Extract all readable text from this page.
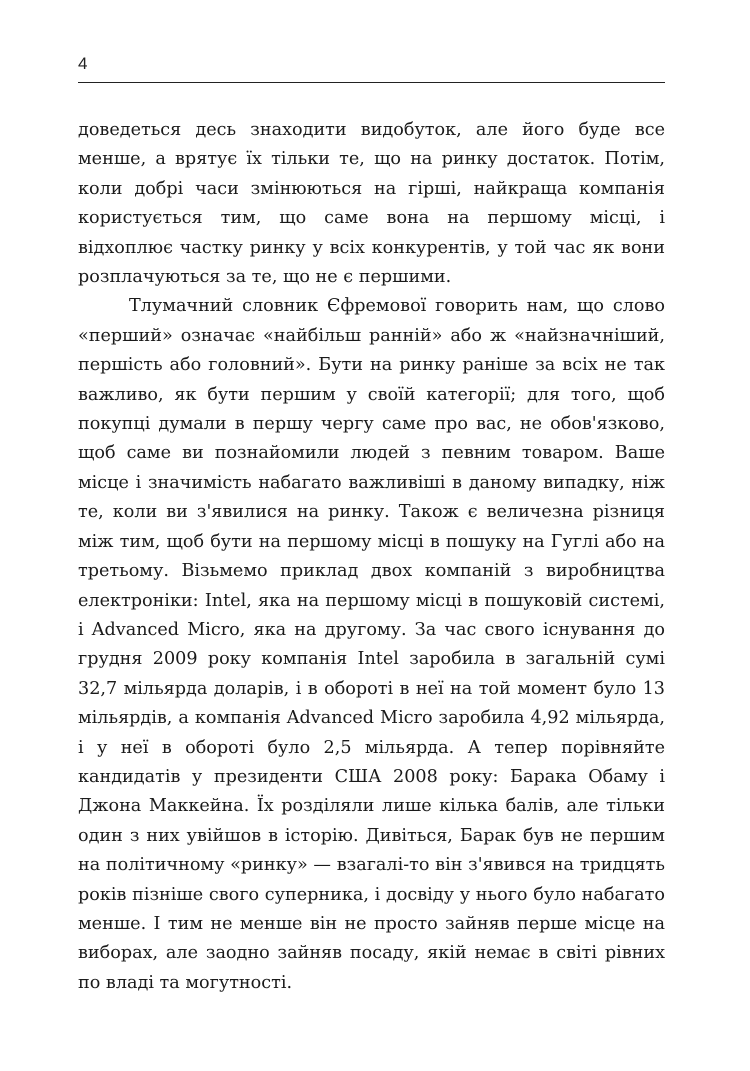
4

доведеться десь знаходити видобуток, але його буде все менше, а врятує їх тільки те, що на ринку достаток. Потім, коли добрі часи змінюються на гірші, найкраща компанія користується тим, що саме вона на першому місці, і відхоплює частку ринку у всіх конкурентів, у той час як вони розплачуються за те, що не є першими.

Тлумачний словник Єфремової говорить нам, що слово «перший» означає «найбільш ранній» або ж «найзначніший, першість або головний». Бути на ринку раніше за всіх не так важливо, як бути першим у своїй категорії; для того, щоб покупці думали в першу чергу саме про вас, не обов'язково, щоб саме ви познайомили людей з певним товаром. Ваше місце і значимість набагато важливіші в даному випадку, ніж те, коли ви з'явилися на ринку. Також є величезна різниця між тим, щоб бути на першому місці в пошуку на Гуглі або на третьому. Візьмемо приклад двох компаній з виробництва електроніки: Intel, яка на першому місці в пошуковій системі, і Advanced Micro, яка на другому. За час свого існування до грудня 2009 року компанія Intel заробила в загальній сумі 32,7 мільярда доларів, і в обороті в неї на той момент було 13 мільярдів, а компанія Advanced Micro заробила 4,92 мільярда, і у неї в обороті було 2,5 мільярда. А тепер порівняйте кандидатів у президенти США 2008 року: Барака Обаму і Джона Маккейна. Їх розділяли лише кілька балів, але тільки один з них увійшов в історію. Дивіться, Барак був не першим на політичному «ринку» — взагалі-то він з'явився на тридцять років пізніше свого суперника, і досвіду у нього було набагато менше. І тим не менше він не просто зайняв перше місце на виборах, але заодно зайняв посаду, якій немає в світі рівних по владі та могутності.
